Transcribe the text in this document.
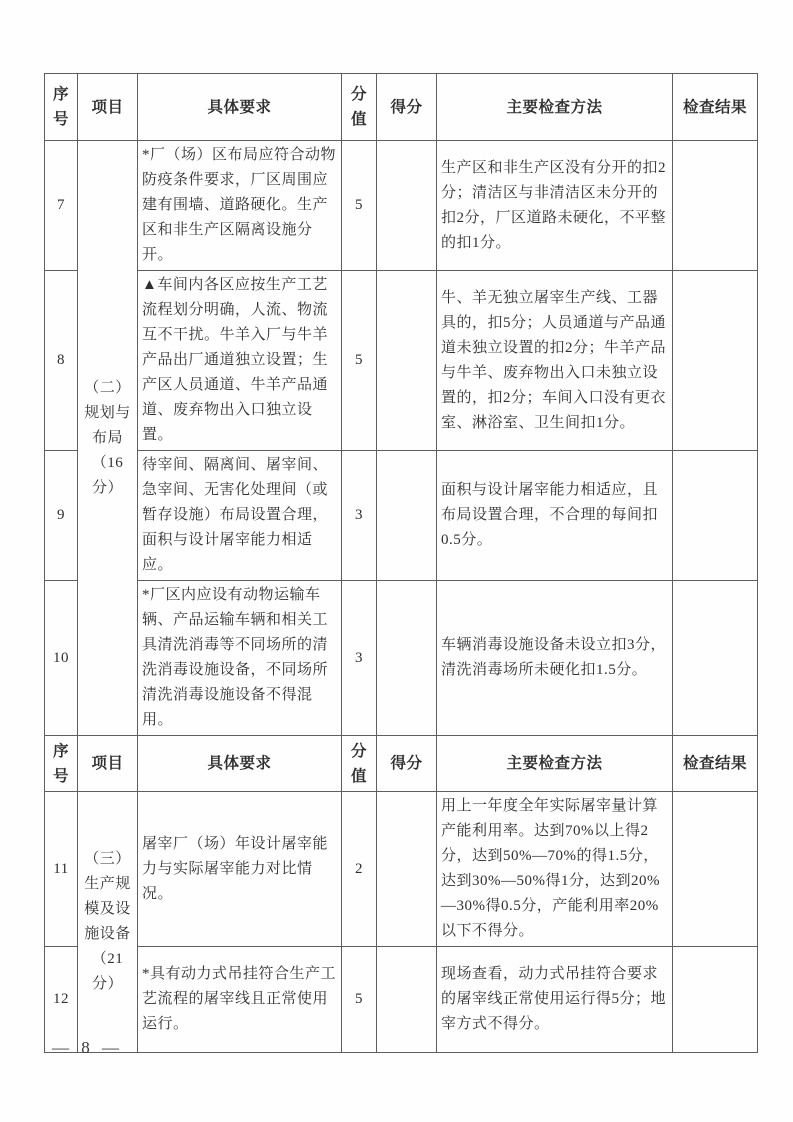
序号	项目	具体要求	分值	得分	主要检查方法	检查结果
7	（二）规划与布局（16分）	*厂（场）区布局应符合动物防疫条件要求，厂区周围应建有围墙、道路硬化。生产区和非生产区隔离设施分开。	5		生产区和非生产区没有分开的扣2分；清洁区与非清洁区未分开的扣2分，厂区道路未硬化，不平整的扣1分。	
8		▲车间内各区应按生产工艺流程划分明确，人流、物流互不干扰。牛羊入厂与牛羊产品出厂通道独立设置；生产区人员通道、牛羊产品通道、废弃物出入口独立设置。	5		牛、羊无独立屠宰生产线、工器具的，扣5分；人员通道与产品通道未独立设置的扣2分；牛羊产品与牛羊、废弃物出入口未独立设置的，扣2分；车间入口没有更衣室、淋浴室、卫生间扣1分。	
9		待宰间、隔离间、屠宰间、急宰间、无害化处理间（或暂存设施）布局设置合理，面积与设计屠宰能力相适应。	3		面积与设计屠宰能力相适应，且布局设置合理，不合理的每间扣0.5分。	
10		*厂区内应设有动物运输车辆、产品运输车辆和相关工具清洗消毒等不同场所的清洗消毒设施设备，不同场所清洗消毒设施设备不得混用。	3		车辆消毒设施设备未设立扣3分，清洗消毒场所未硬化扣1.5分。	
序号	项目	具体要求	分值	得分	主要检查方法	检查结果
11	（三）生产规模及设施设备（21分）	屠宰厂（场）年设计屠宰能力与实际屠宰能力对比情况。	2		用上一年度全年实际屠宰量计算产能利用率。达到70%以上得2分，达到50%—70%的得1.5分，达到30%—50%得1分，达到20%—30%得0.5分，产能利用率20%以下不得分。	
12		*具有动力式吊挂符合生产工艺流程的屠宰线且正常使用运行。	5		现场查看，动力式吊挂符合要求的屠宰线正常使用运行得5分；地宰方式不得分。	
— 8 —
